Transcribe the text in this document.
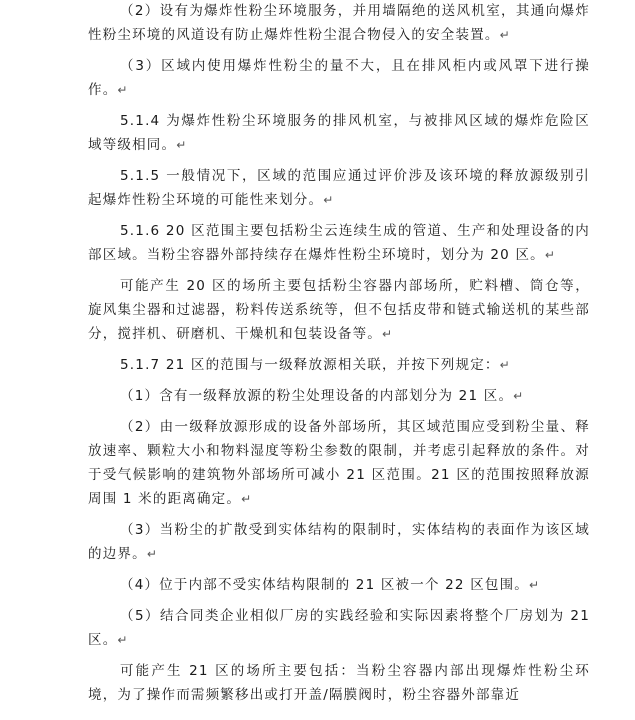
（2）设有为爆炸性粉尘环境服务，并用墙隔绝的送风机室，其通向爆炸性粉尘环境的风道设有防止爆炸性粉尘混合物侵入的安全装置。↵

（3）区域内使用爆炸性粉尘的量不大，且在排风柜内或风罩下进行操作。↵

5.1.4 为爆炸性粉尘环境服务的排风机室，与被排风区域的爆炸危险区域等级相同。↵

5.1.5 一般情况下，区域的范围应通过评价涉及该环境的释放源级别引起爆炸性粉尘环境的可能性来划分。↵

5.1.6 20 区范围主要包括粉尘云连续生成的管道、生产和处理设备的内部区域。当粉尘容器外部持续存在爆炸性粉尘环境时，划分为 20 区。↵

可能产生 20 区的场所主要包括粉尘容器内部场所，贮料槽、筒仓等，旋风集尘器和过滤器，粉料传送系统等，但不包括皮带和链式输送机的某些部分，搅拌机、研磨机、干燥机和包装设备等。↵

5.1.7 21 区的范围与一级释放源相关联，并按下列规定：↵

（1）含有一级释放源的粉尘处理设备的内部划分为 21 区。↵

（2）由一级释放源形成的设备外部场所，其区域范围应受到粉尘量、释放速率、颗粒大小和物料湿度等粉尘参数的限制，并考虑引起释放的条件。对于受气候影响的建筑物外部场所可减小 21 区范围。21 区的范围按照释放源周围 1 米的距离确定。↵

（3）当粉尘的扩散受到实体结构的限制时，实体结构的表面作为该区域的边界。↵

（4）位于内部不受实体结构限制的 21 区被一个 22 区包围。↵

（5）结合同类企业相似厂房的实践经验和实际因素将整个厂房划为 21 区。↵

可能产生 21 区的场所主要包括：当粉尘容器内部出现爆炸性粉尘环境，为了操作而需频繁移出或打开盖/隔膜阀时，粉尘容器外部靠近
